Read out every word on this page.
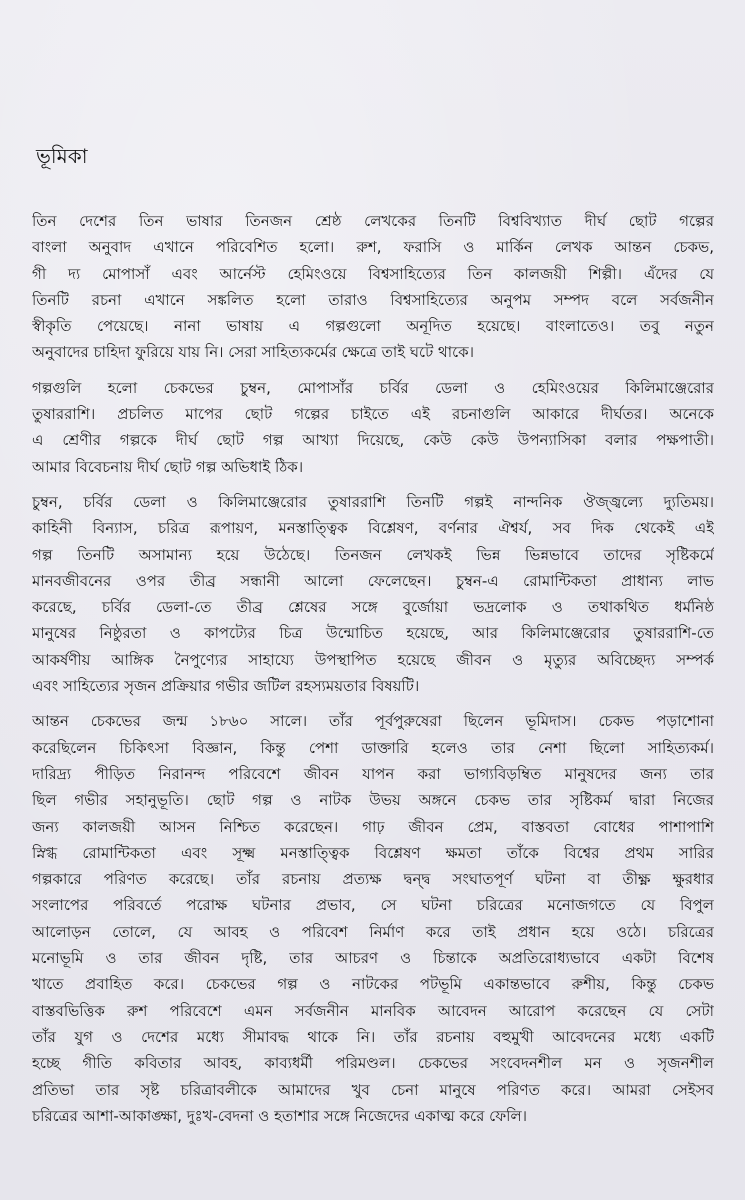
ভূমিকা

তিন দেশের তিন ভাষার তিনজন শ্রেষ্ঠ লেখকের তিনটি বিশ্ববিখ্যাত দীর্ঘ ছোট গল্পের
বাংলা অনুবাদ এখানে পরিবেশিত হলো। রুশ, ফরাসি ও মার্কিন লেখক আন্তন চেকভ,
গী দ্য মোপাসাঁ এবং আর্নেস্ট হেমিংওয়ে বিশ্বসাহিত্যের তিন কালজয়ী শিল্পী। এঁদের যে
তিনটি রচনা এখানে সঙ্কলিত হলো তারাও বিশ্বসাহিত্যের অনুপম সম্পদ বলে সর্বজনীন
স্বীকৃতি পেয়েছে। নানা ভাষায় এ গল্পগুলো অনূদিত হয়েছে। বাংলাতেও। তবু নতুন
অনুবাদের চাহিদা ফুরিয়ে যায় নি। সেরা সাহিত্যকর্মের ক্ষেত্রে তাই ঘটে থাকে।

গল্পগুলি হলো চেকভের চুম্বন, মোপাসাঁর চর্বির ডেলা ও হেমিংওয়ের কিলিমাঞ্জেরোর
তুষাররাশি। প্রচলিত মাপের ছোট গল্পের চাইতে এই রচনাগুলি আকারে দীর্ঘতর। অনেকে
এ শ্রেণীর গল্পকে দীর্ঘ ছোট গল্প আখ্যা দিয়েছে, কেউ কেউ উপন্যাসিকা বলার পক্ষপাতী।
আমার বিবেচনায় দীর্ঘ ছোট গল্প অভিধাই ঠিক।

চুম্বন, চর্বির ডেলা ও কিলিমাঞ্জেরোর তুষাররাশি তিনটি গল্পই নান্দনিক ঔজ্জ্বল্যে দ্যুতিময়।
কাহিনী বিন্যাস, চরিত্র রূপায়ণ, মনস্তাত্ত্বিক বিশ্লেষণ, বর্ণনার ঐশ্বর্য, সব দিক থেকেই এই
গল্প তিনটি অসামান্য হয়ে উঠেছে। তিনজন লেখকই ভিন্ন ভিন্নভাবে তাদের সৃষ্টিকর্মে
মানবজীবনের ওপর তীব্র সন্ধানী আলো ফেলেছেন। চুম্বন-এ রোমান্টিকতা প্রাধান্য লাভ
করেছে, চর্বির ডেলা-তে তীব্র শ্লেষের সঙ্গে বুর্জোয়া ভদ্রলোক ও তথাকথিত ধর্মনিষ্ঠ
মানুষের নিষ্ঠুরতা ও কাপট্যের চিত্র উন্মোচিত হয়েছে, আর কিলিমাঞ্জেরোর তুষাররাশি-তে
আকর্ষণীয় আঙ্গিক নৈপুণ্যের সাহায্যে উপস্থাপিত হয়েছে জীবন ও মৃত্যুর অবিচ্ছেদ্য সম্পর্ক
এবং সাহিত্যের সৃজন প্রক্রিয়ার গভীর জটিল রহস্যময়তার বিষয়টি।

আন্তন চেকভের জন্ম ১৮৬০ সালে। তাঁর পূর্বপুরুষেরা ছিলেন ভূমিদাস। চেকভ পড়াশোনা
করেছিলেন চিকিৎসা বিজ্ঞান, কিন্তু পেশা ডাক্তারি হলেও তার নেশা ছিলো সাহিত্যকর্ম।
দারিদ্র্য পীড়িত নিরানন্দ পরিবেশে জীবন যাপন করা ভাগ্যবিড়ম্বিত মানুষদের জন্য তার
ছিল গভীর সহানুভূতি। ছোট গল্প ও নাটক উভয় অঙ্গনে চেকভ তার সৃষ্টিকর্ম দ্বারা নিজের
জন্য কালজয়ী আসন নিশ্চিত করেছেন। গাঢ় জীবন প্রেম, বাস্তবতা বোধের পাশাপাশি
স্নিগ্ধ রোমান্টিকতা এবং সূক্ষ্ম মনস্তাত্ত্বিক বিশ্লেষণ ক্ষমতা তাঁকে বিশ্বের প্রথম সারির
গল্পকারে পরিণত করেছে। তাঁর রচনায় প্রত্যক্ষ দ্বন্দ্ব সংঘাতপূর্ণ ঘটনা বা তীক্ষ্ণ ক্ষুরধার
সংলাপের পরিবর্তে পরোক্ষ ঘটনার প্রভাব, সে ঘটনা চরিত্রের মনোজগতে যে বিপুল
আলোড়ন তোলে, যে আবহ ও পরিবেশ নির্মাণ করে তাই প্রধান হয়ে ওঠে। চরিত্রের
মনোভূমি ও তার জীবন দৃষ্টি, তার আচরণ ও চিন্তাকে অপ্রতিরোধ্যভাবে একটা বিশেষ
খাতে প্রবাহিত করে। চেকভের গল্প ও নাটকের পটভূমি একান্তভাবে রুশীয়, কিন্তু চেকভ
বাস্তবভিত্তিক রুশ পরিবেশে এমন সর্বজনীন মানবিক আবেদন আরোপ করেছেন যে সেটা
তাঁর যুগ ও দেশের মধ্যে সীমাবদ্ধ থাকে নি। তাঁর রচনায় বহুমুখী আবেদনের মধ্যে একটি
হচ্ছে গীতি কবিতার আবহ, কাব্যধর্মী পরিমণ্ডল। চেকভের সংবেদনশীল মন ও সৃজনশীল
প্রতিভা তার সৃষ্ট চরিত্রাবলীকে আমাদের খুব চেনা মানুষে পরিণত করে। আমরা সেইসব
চরিত্রের আশা-আকাঙ্ক্ষা, দুঃখ-বেদনা ও হতাশার সঙ্গে নিজেদের একাত্ম করে ফেলি।
